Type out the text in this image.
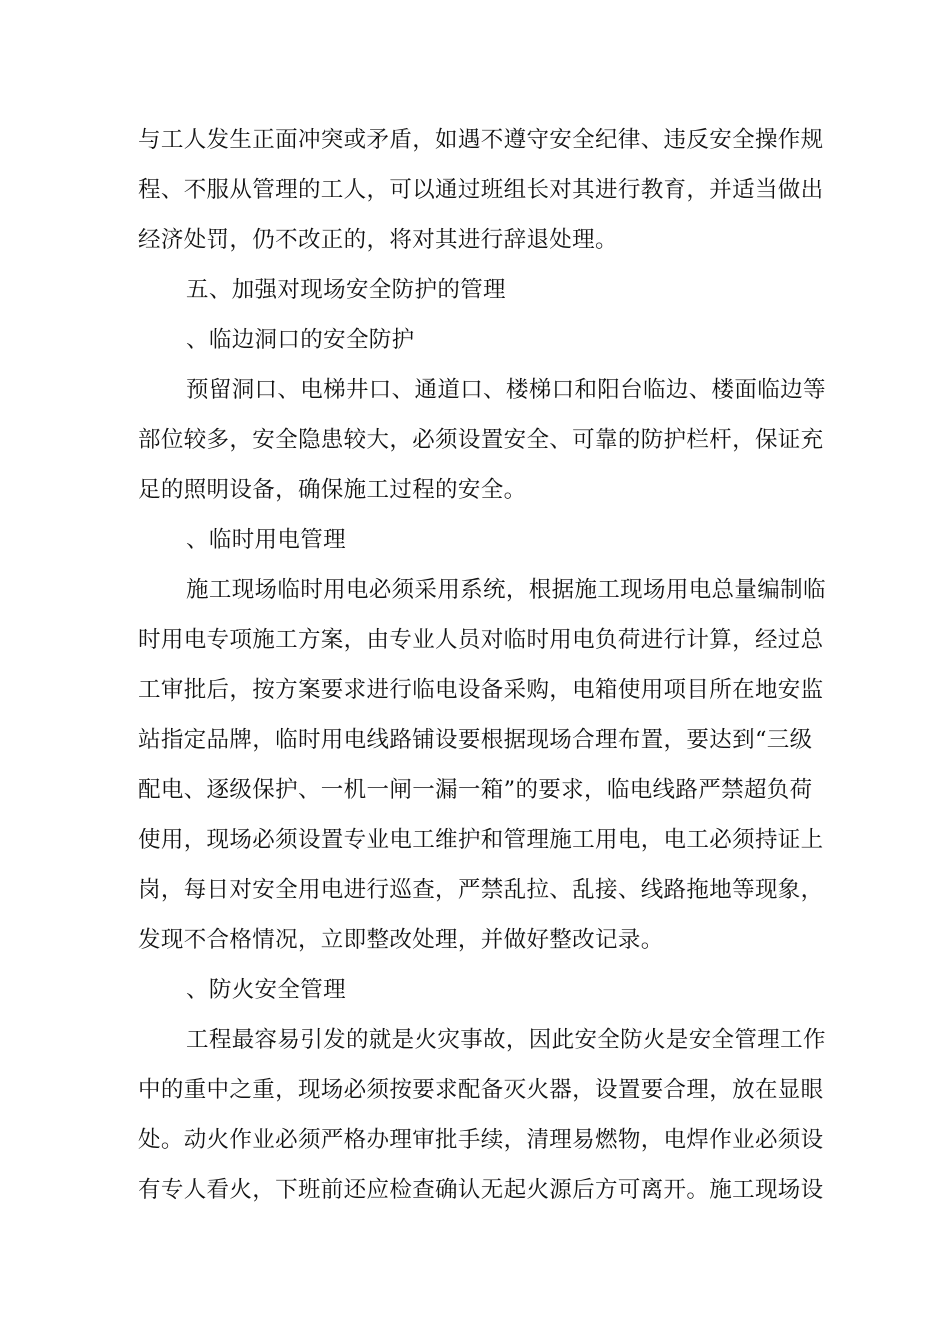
与工人发生正面冲突或矛盾，如遇不遵守安全纪律、违反安全操作规
程、不服从管理的工人，可以通过班组长对其进行教育，并适当做出
经济处罚，仍不改正的，将对其进行辞退处理。
五、加强对现场安全防护的管理
、临边洞口的安全防护
预留洞口、电梯井口、通道口、楼梯口和阳台临边、楼面临边等
部位较多，安全隐患较大，必须设置安全、可靠的防护栏杆，保证充
足的照明设备，确保施工过程的安全。
、临时用电管理
施工现场临时用电必须采用系统，根据施工现场用电总量编制临
时用电专项施工方案，由专业人员对临时用电负荷进行计算，经过总
工审批后，按方案要求进行临电设备采购，电箱使用项目所在地安监
站指定品牌，临时用电线路铺设要根据现场合理布置，要达到“三级
配电、逐级保护、一机一闸一漏一箱”的要求，临电线路严禁超负荷
使用，现场必须设置专业电工维护和管理施工用电，电工必须持证上
岗，每日对安全用电进行巡查，严禁乱拉、乱接、线路拖地等现象，
发现不合格情况，立即整改处理，并做好整改记录。
、防火安全管理
工程最容易引发的就是火灾事故，因此安全防火是安全管理工作
中的重中之重，现场必须按要求配备灭火器，设置要合理，放在显眼
处。动火作业必须严格办理审批手续，清理易燃物，电焊作业必须设
有专人看火，下班前还应检查确认无起火源后方可离开。施工现场设
